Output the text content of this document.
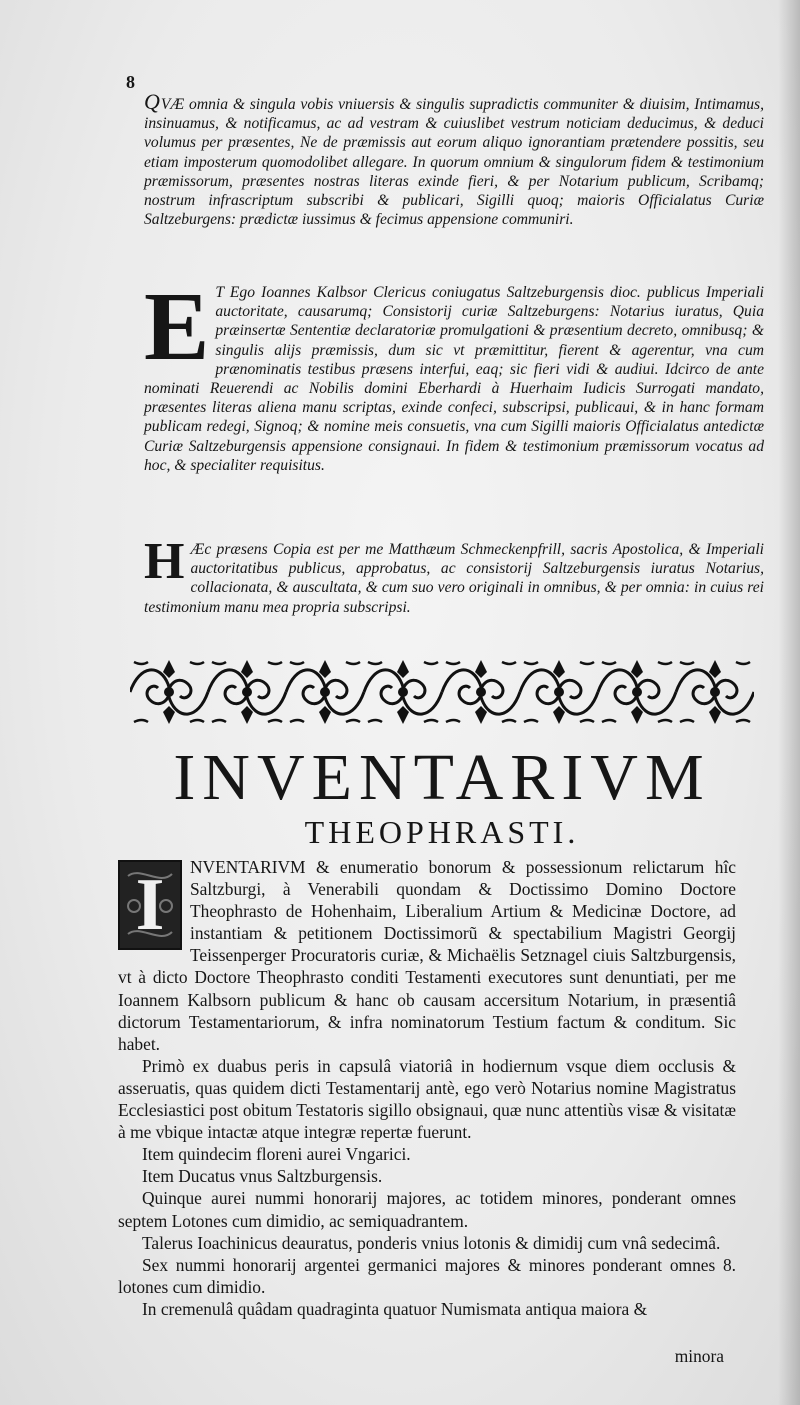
8
QVÆ omnia & singula vobis vniuersis & singulis supradictis communiter & diuisim, Intimamus, insinuamus, & notificamus, ac ad vestram & cuiuslibet vestrum noticiam deducimus, & deduci volumus per præsentes, Ne de præmissis aut eorum aliquo ignorantiam prætendere possitis, seu etiam imposterum quomodolibet allegare. In quorum omnium & singulorum fidem & testimonium præmissorum, præsentes nostras literas exinde fieri, & per Notarium publicum, Scribamq; nostrum infrascriptum subscribi & publicari, Sigilli quoq; maioris Officialatus Curiæ Saltzeburgens: prædictæ iussimus & fecimus appensione communiri.
E T Ego Ioannes Kalbsor Clericus coniugatus Saltzeburgensis dioc. publicus Imperiali auctoritate, causarumq; Consistorij curiæ Saltzeburgens: Notarius iuratus, Quia præinsertæ Sententiæ declaratoriæ promulgationi & præsentium decreto, omnibusq; & singulis alijs præmissis, dum sic vt præmittitur, fierent & agerentur, vna cum prænominatis testibus præsens interfui, eaq; sic fieri vidi & audiui. Idcirco de ante nominati Reuerendi ac Nobilis domini Eberhardi à Huerhaim Iudicis Surrogati mandato, præsentes literas aliena manu scriptas, exinde confeci, subscripsi, publicaui, & in hanc formam publicam redegi, Signoq; & nomine meis consuetis, vna cum Sigilli maioris Officialatus antedictæ Curiæ Saltzeburgensis appensione consignaui. In fidem & testimonium præmissorum vocatus ad hoc, & specialiter requisitus.
H Æc præsens Copia est per me Matthæum Schmeckenpfrill, sacris Apostolica, & Imperiali auctoritatibus publicus, approbatus, ac consistorij Saltzeburgensis iuratus Notarius, collacionata, & auscultata, & cum suo vero originali in omnibus, & per omnia: in cuius rei testimonium manu mea propria subscripsi.
INVENTARIVM
THEOPHRASTI.
I	NVENTARIVM & enumeratio bonorum & possessionum relictarum hîc Saltzburgi, à Venerabili quondam & Doctissimo Domino Doctore Theophrasto de Hohenhaim, Liberalium Artium & Medicinæ Doctore, ad instantiam & petitionem Doctissimorũ & spectabilium Magistri Georgij Teissenperger Procuratoris curiæ, & Michaëlis Setznagel ciuis Saltzburgensis, vt à dicto Doctore Theophrasto conditi Testamenti executores sunt denuntiati, per me Ioannem Kalbsorn publicum & hanc ob causam accersitum Notarium, in præsentiâ dictorum Testamentariorum, & infra nominatorum Testium factum & conditum. Sic habet.

Primò ex duabus peris in capsulâ viatoriâ in hodiernum vsque diem occlusis & asseruatis, quas quidem dicti Testamentarij antè, ego verò Notarius nomine Magistratus Ecclesiastici post obitum Testatoris sigillo obsignaui, quæ nunc attentiùs visæ & visitatæ à me vbique intactæ atque integræ repertæ fuerunt.

Item quindecim floreni aurei Vngarici.

Item Ducatus vnus Saltzburgensis.

Quinque aurei nummi honorarij majores, ac totidem minores, ponderant omnes septem Lotones cum dimidio, ac semiquadrantem.

Talerus Ioachinicus deauratus, ponderis vnius lotonis & dimidij cum vnâ sedecimâ.

Sex nummi honorarij argentei germanici majores & minores ponderant omnes 8. lotones cum dimidio.

In cremenulâ quâdam quadraginta quatuor Numismata antiqua maiora &

minora
